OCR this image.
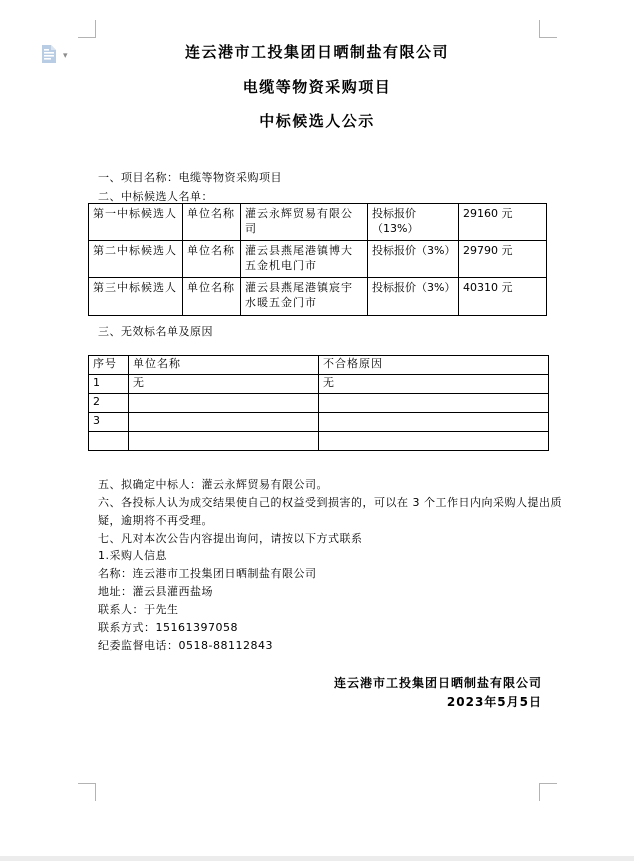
▾	连云港市工投集团日晒制盐有限公司
电缆等物资采购项目
中标候选人公示
一、项目名称：电缆等物资采购项目
二、中标候选人名单：
第一中标候选人	单位名称	灌云永辉贸易有限公司	投标报价（13%）	29160 元
第二中标候选人	单位名称	灌云县燕尾港镇博大五金机电门市	投标报价（3%）	29790 元
第三中标候选人	单位名称	灌云县燕尾港镇宸宇水暖五金门市	投标报价（3%）	40310 元
三、无效标名单及原因
序号	单位名称	不合格原因
1	无	无
2		
3		

五、拟确定中标人：灌云永辉贸易有限公司。
六、各投标人认为成交结果使自己的权益受到损害的，可以在 3 个工作日内向采购人提出质疑，逾期将不再受理。
七、凡对本次公告内容提出询问，请按以下方式联系
1.采购人信息
名称：连云港市工投集团日晒制盐有限公司
地址：灌云县灌西盐场
联系人：于先生
联系方式：15161397058
纪委监督电话：0518-88112843
连云港市工投集团日晒制盐有限公司
2023年5月5日
